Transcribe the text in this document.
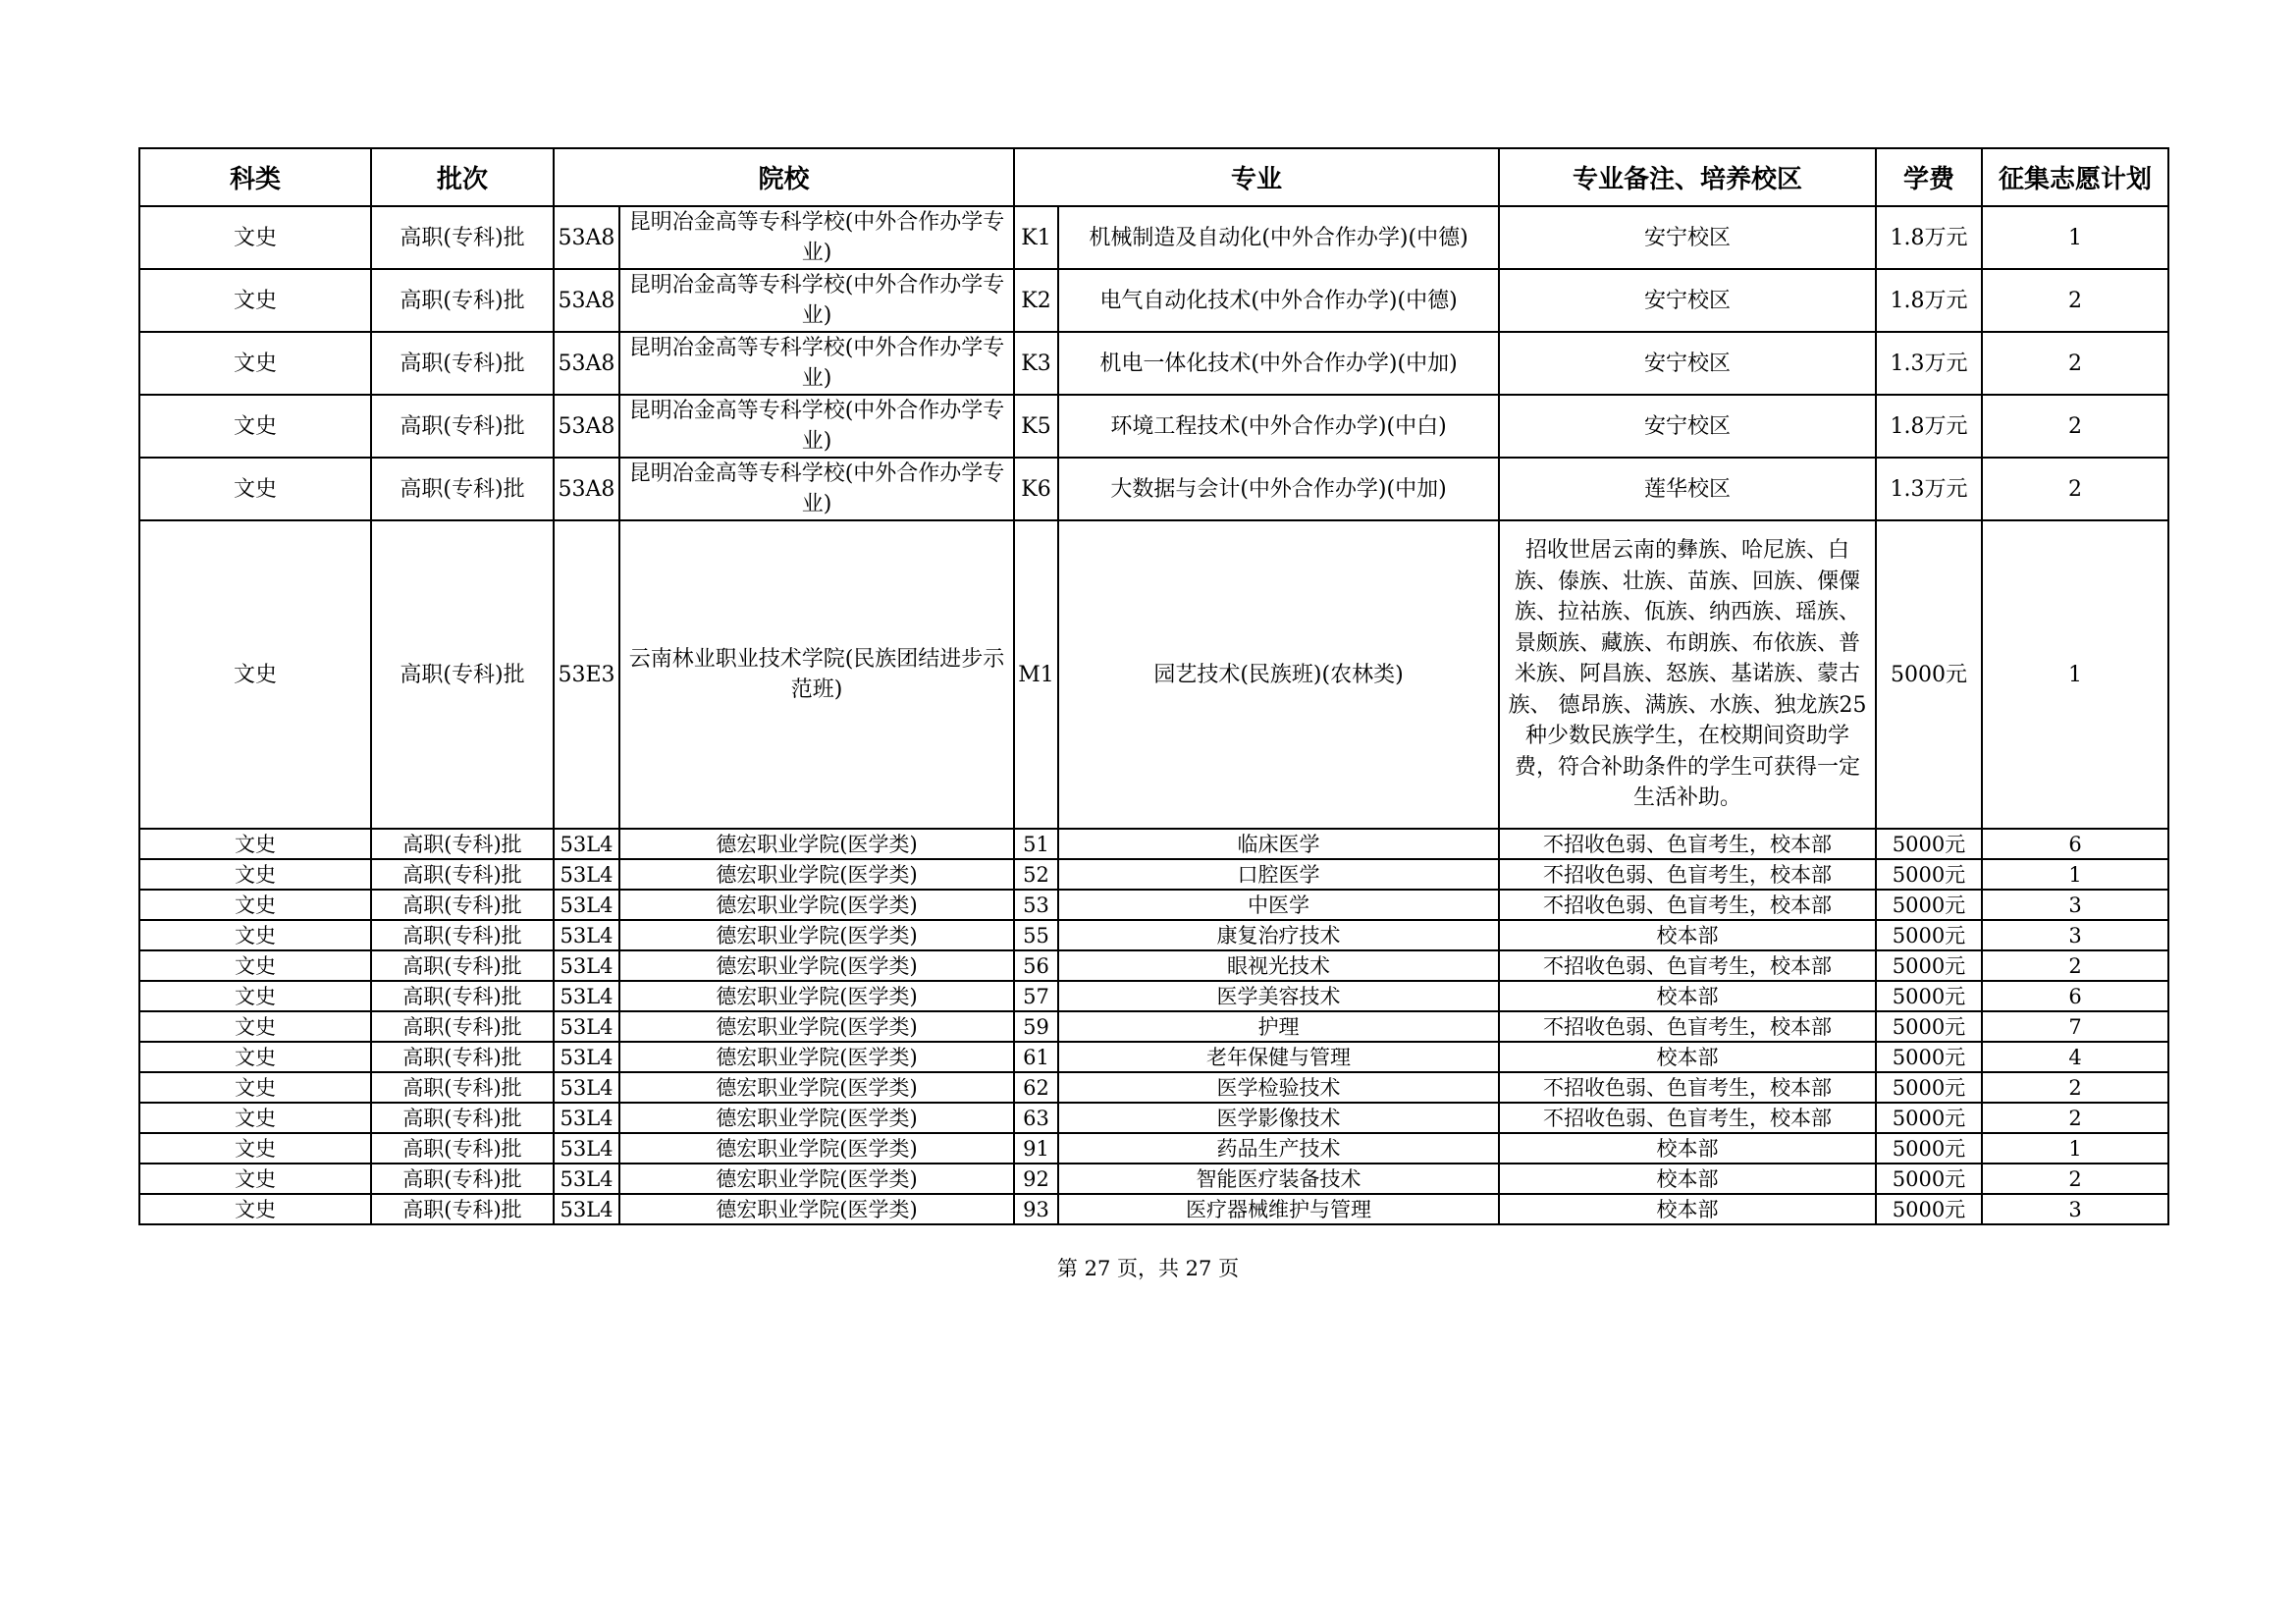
科类	批次	院校		专业		专业备注、培养校区	学费	征集志愿计划
文史	高职(专科)批	53A8	昆明冶金高等专科学校(中外合作办学专业)	K1	机械制造及自动化(中外合作办学)(中德)	安宁校区	1.8万元	1
文史	高职(专科)批	53A8	昆明冶金高等专科学校(中外合作办学专业)	K2	电气自动化技术(中外合作办学)(中德)	安宁校区	1.8万元	2
文史	高职(专科)批	53A8	昆明冶金高等专科学校(中外合作办学专业)	K3	机电一体化技术(中外合作办学)(中加)	安宁校区	1.3万元	2
文史	高职(专科)批	53A8	昆明冶金高等专科学校(中外合作办学专业)	K5	环境工程技术(中外合作办学)(中白)	安宁校区	1.8万元	2
文史	高职(专科)批	53A8	昆明冶金高等专科学校(中外合作办学专业)	K6	大数据与会计(中外合作办学)(中加)	莲华校区	1.3万元	2
文史	高职(专科)批	53E3	云南林业职业技术学院(民族团结进步示范班)	M1	园艺技术(民族班)(农林类)	招收世居云南的彝族、哈尼族、白族、傣族、壮族、苗族、回族、傈僳族、拉祜族、佤族、纳西族、瑶族、景颇族、藏族、布朗族、布依族、普米族、阿昌族、怒族、基诺族、蒙古族、 德昂族、满族、水族、独龙族25种少数民族学生，在校期间资助学费，符合补助条件的学生可获得一定生活补助。	5000元	1
文史	高职(专科)批	53L4	德宏职业学院(医学类)	51	临床医学	不招收色弱、色盲考生，校本部	5000元	6
文史	高职(专科)批	53L4	德宏职业学院(医学类)	52	口腔医学	不招收色弱、色盲考生，校本部	5000元	1
文史	高职(专科)批	53L4	德宏职业学院(医学类)	53	中医学	不招收色弱、色盲考生，校本部	5000元	3
文史	高职(专科)批	53L4	德宏职业学院(医学类)	55	康复治疗技术	校本部	5000元	3
文史	高职(专科)批	53L4	德宏职业学院(医学类)	56	眼视光技术	不招收色弱、色盲考生，校本部	5000元	2
文史	高职(专科)批	53L4	德宏职业学院(医学类)	57	医学美容技术	校本部	5000元	6
文史	高职(专科)批	53L4	德宏职业学院(医学类)	59	护理	不招收色弱、色盲考生，校本部	5000元	7
文史	高职(专科)批	53L4	德宏职业学院(医学类)	61	老年保健与管理	校本部	5000元	4
文史	高职(专科)批	53L4	德宏职业学院(医学类)	62	医学检验技术	不招收色弱、色盲考生，校本部	5000元	2
文史	高职(专科)批	53L4	德宏职业学院(医学类)	63	医学影像技术	不招收色弱、色盲考生，校本部	5000元	2
文史	高职(专科)批	53L4	德宏职业学院(医学类)	91	药品生产技术	校本部	5000元	1
文史	高职(专科)批	53L4	德宏职业学院(医学类)	92	智能医疗装备技术	校本部	5000元	2
文史	高职(专科)批	53L4	德宏职业学院(医学类)	93	医疗器械维护与管理	校本部	5000元	3
第 27 页，共 27 页
